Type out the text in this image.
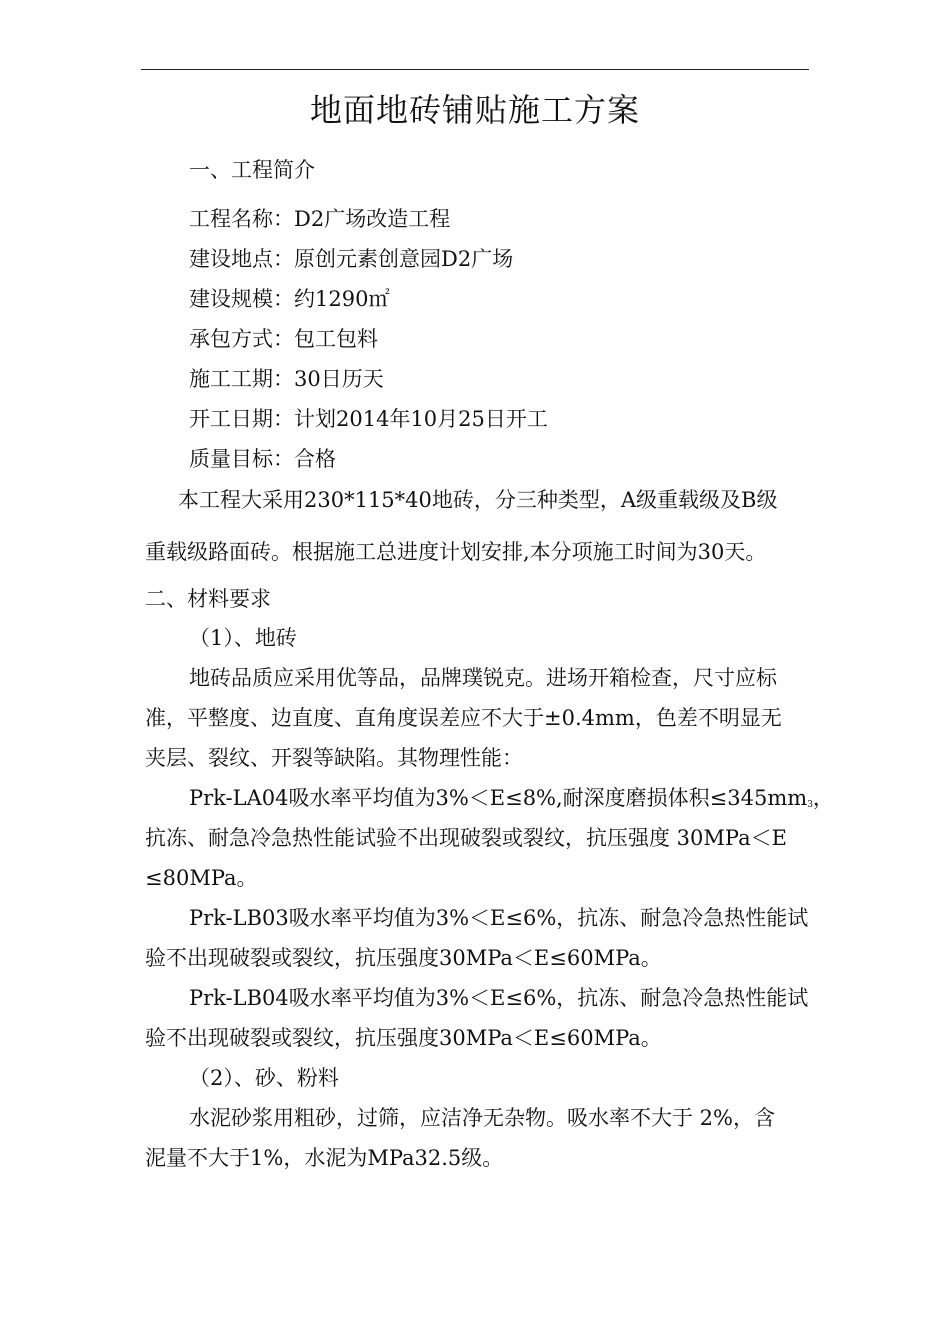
地面地砖铺贴施工方案
一、工程简介
工程名称：D2广场改造工程
建设地点：原创元素创意园D2广场
建设规模：约1290㎡
承包方式：包工包料
施工工期：30日历天
开工日期：计划2014年10月25日开工
质量目标：合格
本工程大采用230*115*40地砖，分三种类型，A级重载级及B级
重载级路面砖。根据施工总进度计划安排,本分项施工时间为30天。
二、材料要求
（1）、地砖
地砖品质应采用优等品，品牌璞锐克。进场开箱检查，尺寸应标
准，平整度、边直度、直角度误差应不大于±0.4mm，色差不明显无
夹层、裂纹、开裂等缺陷。其物理性能：
Prk-LA04吸水率平均值为3%＜E≤8%,耐深度磨损体积$\le 345mm_3$，
抗冻、耐急冷急热性能试验不出现破裂或裂纹，抗压强度 30MPa＜E
≤80MPa。
Prk-LB03吸水率平均值为3%＜E≤6%，抗冻、耐急冷急热性能试
验不出现破裂或裂纹，抗压强度30MPa＜E≤60MPa。
Prk-LB04吸水率平均值为3%＜E≤6%，抗冻、耐急冷急热性能试
验不出现破裂或裂纹，抗压强度30MPa＜E≤60MPa。
（2）、砂、粉料
水泥砂浆用粗砂，过筛，应洁净无杂物。吸水率不大于 2%，含
泥量不大于1%，水泥为MPa32.5级。
